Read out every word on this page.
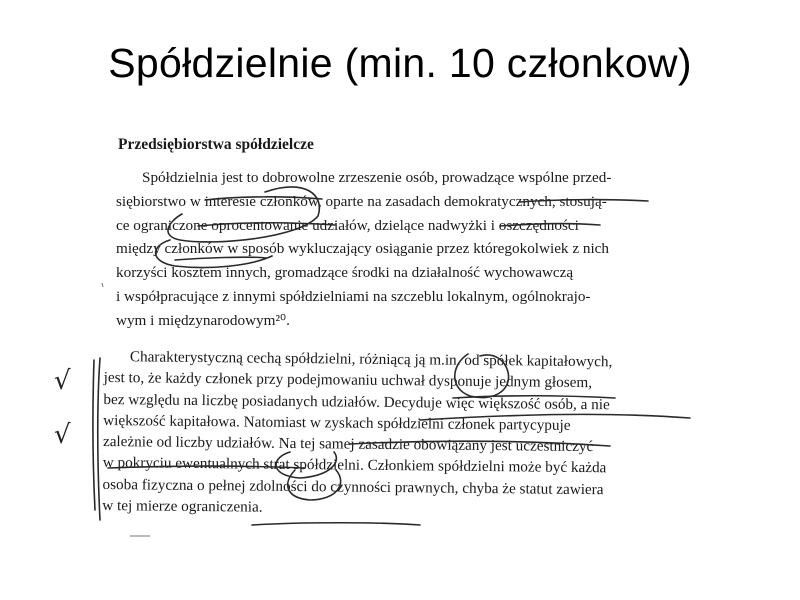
Spółdzielnie (min. 10 członkow)
Przedsiębiorstwa spółdzielcze
Spółdzielnia jest to dobrowolne zrzeszenie osób, prowadzące wspólne przed-
siębiorstwo w interesie członków, oparte na zasadach demokratycznych, stosują-
ce ograniczone oprocentowanie udziałów, dzielące nadwyżki i oszczędności
między członków w sposób wykluczający osiąganie przez któregokolwiek z nich
korzyści kosztem innych, gromadzące środki na działalność wychowawczą
i współpracujące z innymi spółdzielniami na szczeblu lokalnym, ogólnokrajo-
wym i międzynarodowym²⁰.
Charakterystyczną cechą spółdzielni, różniącą ją m.in. od spółek kapitałowych,
jest to, że każdy członek przy podejmowaniu uchwał dysponuje jednym głosem,
bez względu na liczbę posiadanych udziałów. Decyduje więc większość osób, a nie
większość kapitałowa. Natomiast w zyskach spółdzielni członek partycypuje
zależnie od liczby udziałów. Na tej samej zasadzie obowiązany jest uczestniczyć
w pokryciu ewentualnych strat spółdzielni. Członkiem spółdzielni może być każda
osoba fizyczna o pełnej zdolności do czynności prawnych, chyba że statut zawiera
w tej mierze ograniczenia.
√
√
